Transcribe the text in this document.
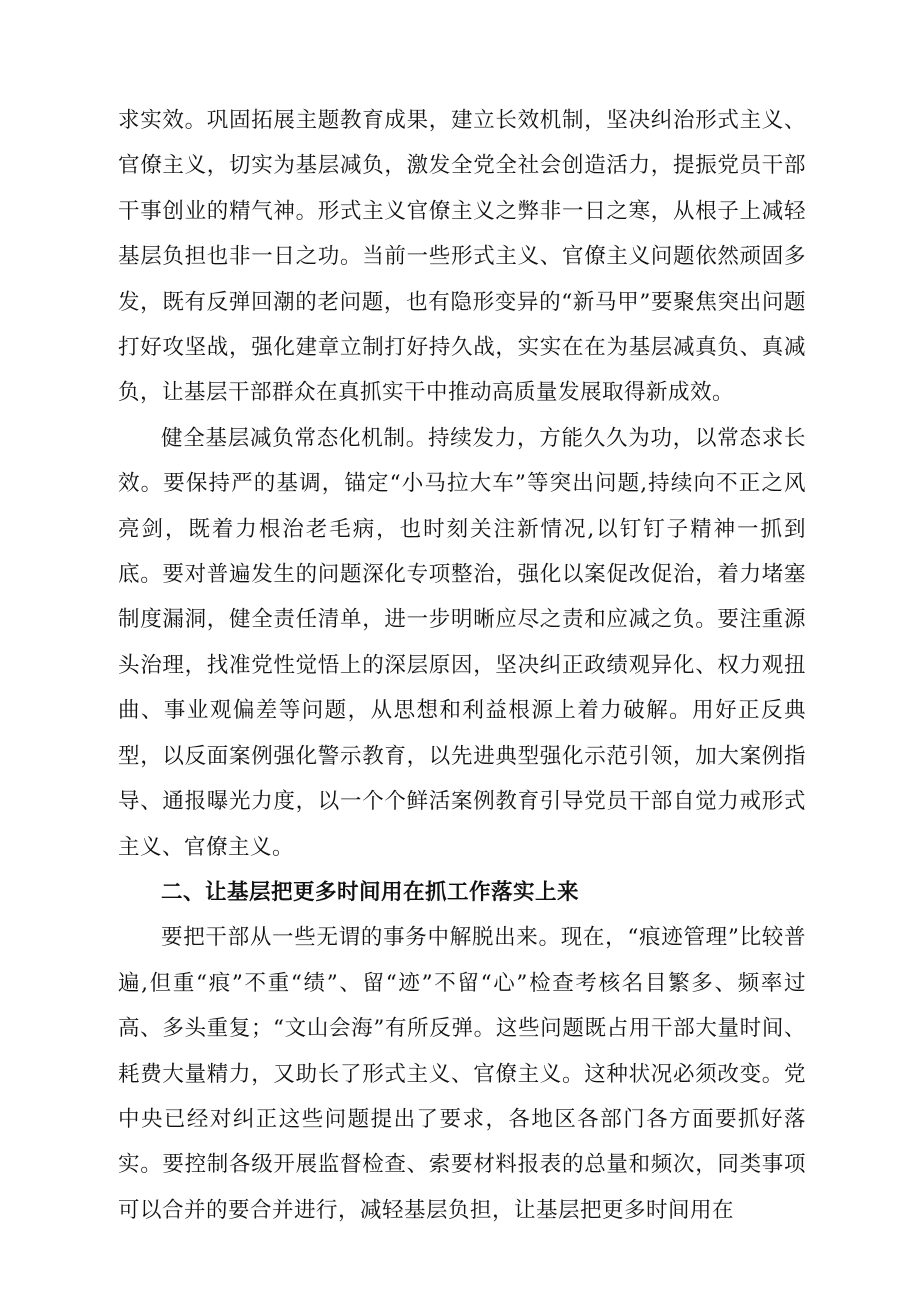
求实效。巩固拓展主题教育成果，建立长效机制，坚决纠治形式主义、官僚主义，切实为基层减负，激发全党全社会创造活力，提振党员干部干事创业的精气神。形式主义官僚主义之弊非一日之寒，从根子上减轻基层负担也非一日之功。当前一些形式主义、官僚主义问题依然顽固多发，既有反弹回潮的老问题，也有隐形变异的“新马甲”要聚焦突出问题打好攻坚战，强化建章立制打好持久战，实实在在为基层减真负、真减负，让基层干部群众在真抓实干中推动高质量发展取得新成效。

健全基层减负常态化机制。持续发力，方能久久为功，以常态求长效。要保持严的基调，锚定“小马拉大车”等突出问题,持续向不正之风亮剑，既着力根治老毛病，也时刻关注新情况,以钉钉子精神一抓到底。要对普遍发生的问题深化专项整治，强化以案促改促治，着力堵塞制度漏洞，健全责任清单，进一步明晰应尽之责和应减之负。要注重源头治理，找准党性觉悟上的深层原因，坚决纠正政绩观异化、权力观扭曲、事业观偏差等问题，从思想和利益根源上着力破解。用好正反典型，以反面案例强化警示教育，以先进典型强化示范引领，加大案例指导、通报曝光力度，以一个个鲜活案例教育引导党员干部自觉力戒形式主义、官僚主义。

二、让基层把更多时间用在抓工作落实上来

要把干部从一些无谓的事务中解脱出来。现在，“痕迹管理”比较普遍,但重“痕”不重“绩”、留“迹”不留“心”检查考核名目繁多、频率过高、多头重复；“文山会海”有所反弹。这些问题既占用干部大量时间、耗费大量精力，又助长了形式主义、官僚主义。这种状况必须改变。党中央已经对纠正这些问题提出了要求，各地区各部门各方面要抓好落实。要控制各级开展监督检查、索要材料报表的总量和频次，同类事项可以合并的要合并进行，减轻基层负担，让基层把更多时间用在
